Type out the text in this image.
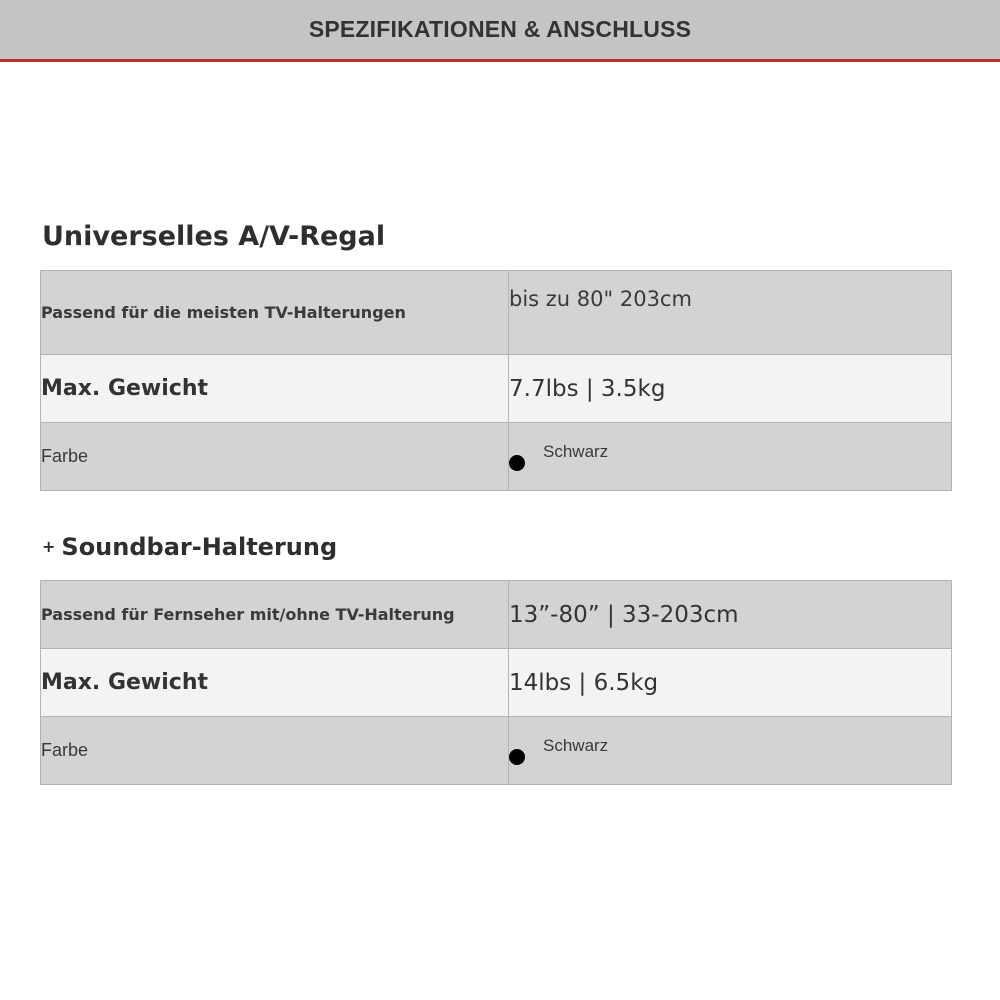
SPEZIFIKATIONEN & ANSCHLUSS
Universelles A/V-Regal
Passend für die meisten TV-Halterungen	bis zu 80" 203cm
Max. Gewicht	7.7lbs | 3.5kg
Farbe	Schwarz
+ Soundbar-Halterung
Passend für Fernseher mit/ohne TV-Halterung	13”-80” | 33-203cm
Max. Gewicht	14lbs | 6.5kg
Farbe	Schwarz
